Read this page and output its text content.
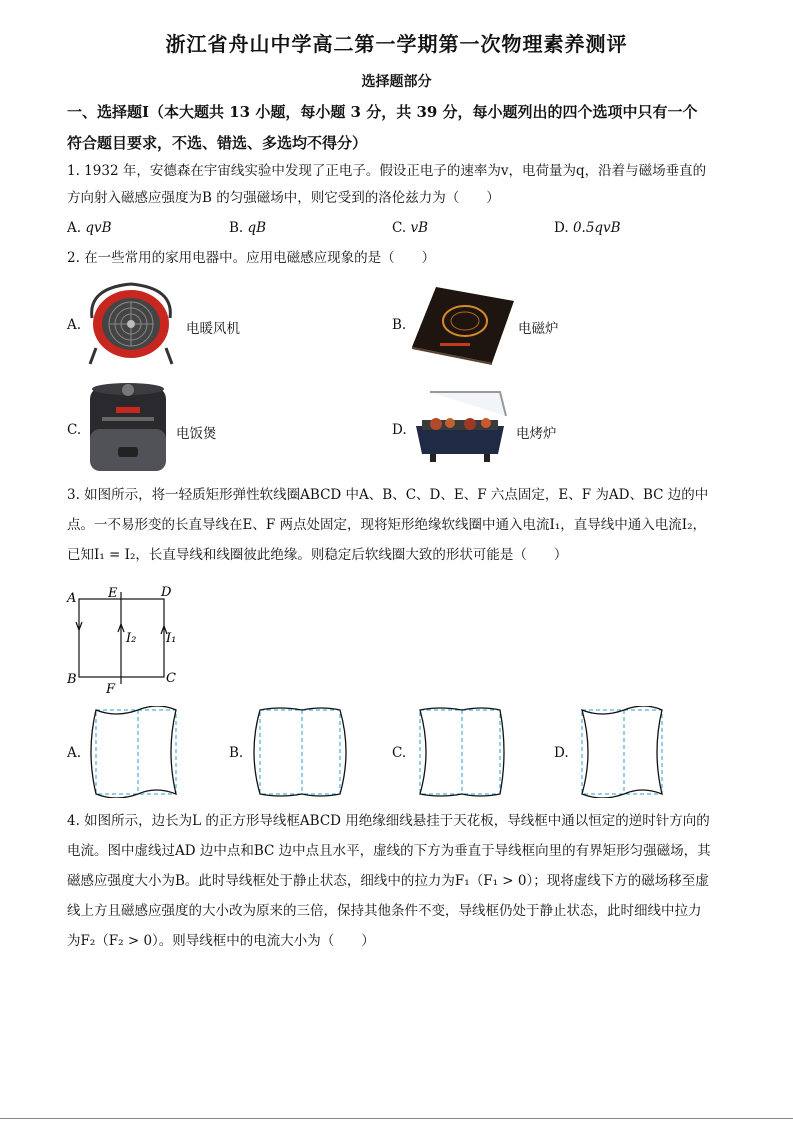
浙江省舟山中学高二第一学期第一次物理素养测评
选择题部分
一、选择题Ⅰ（本大题共 13 小题，每小题 3 分，共 39 分，每小题列出的四个选项中只有一个
符合题目要求，不选、错选、多选均不得分）
1. 1932 年，安德森在宇宙线实验中发现了正电子。假设正电子的速率为v，电荷量为q，沿着与磁场垂直的
方向射入磁感应强度为B 的匀强磁场中，则它受到的洛伦兹力为（　　）
A. qvB	B. qB	C. vB	D. 0.5qvB
2. 在一些常用的家用电器中。应用电磁感应现象的是（　　）
A.	电暖风机	B.	电磁炉
C.	电饭煲	D.	电烤炉
3. 如图所示，将一轻质矩形弹性软线圈ABCD 中A、B、C、D、E、F 六点固定，E、F 为AD、BC 边的中
点。一不易形变的长直导线在E、F 两点处固定，现将矩形绝缘软线圈中通入电流I₁，直导线中通入电流I₂，
已知I₁ = I₂，长直导线和线圈彼此绝缘。则稳定后软线圈大致的形状可能是（　　）
A E	D
I₂ I₁
B	C
F
A.	B.	C.	D.
4. 如图所示，边长为L 的正方形导线框ABCD 用绝缘细线悬挂于天花板，导线框中通以恒定的逆时针方向的
电流。图中虚线过AD 边中点和BC 边中点且水平，虚线的下方为垂直于导线框向里的有界矩形匀强磁场，其
磁感应强度大小为B。此时导线框处于静止状态，细线中的拉力为F₁（F₁ > 0）；现将虚线下方的磁场移至虚
线上方且磁感应强度的大小改为原来的三倍，保持其他条件不变，导线框仍处于静止状态，此时细线中拉力
为F₂（F₂ > 0）。则导线框中的电流大小为（　　）
